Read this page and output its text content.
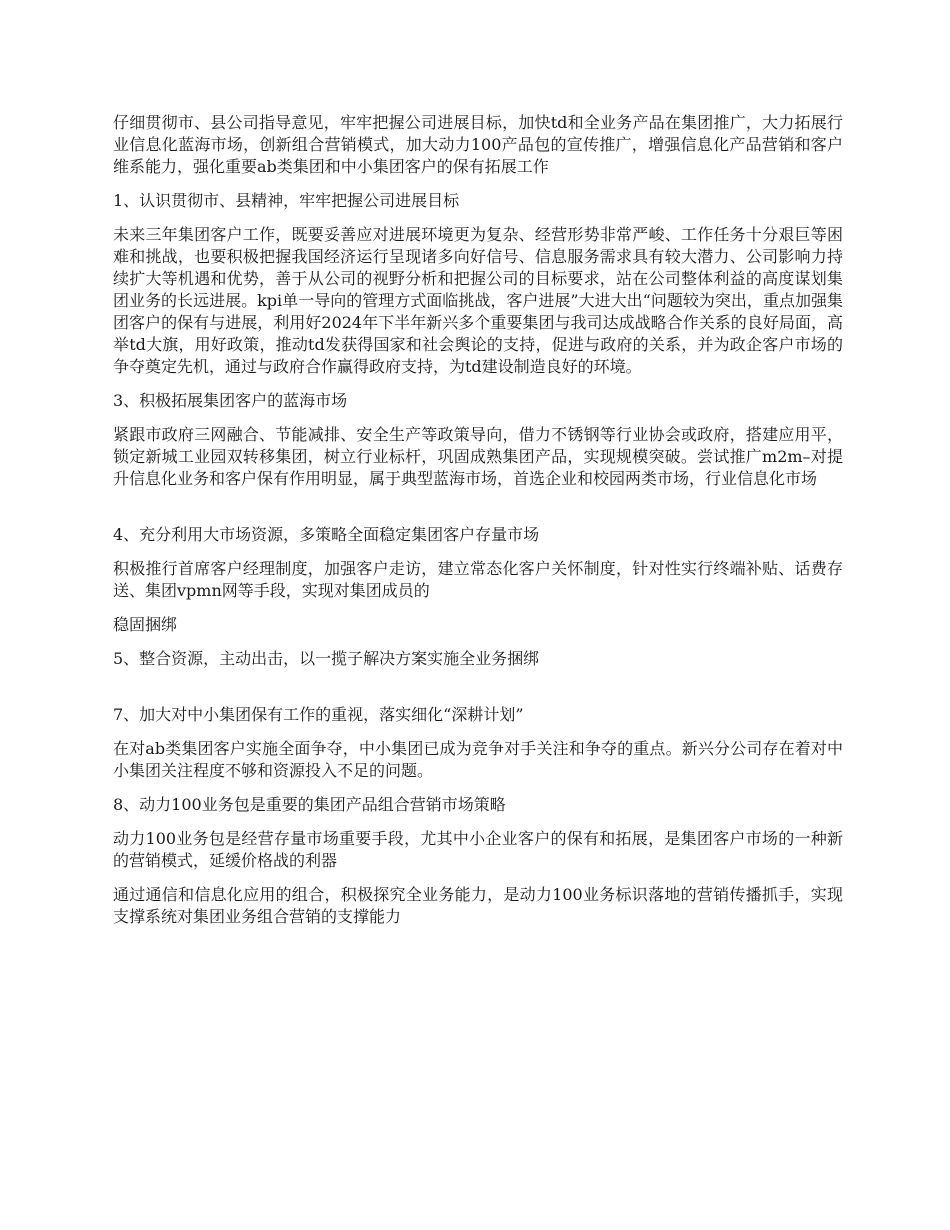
仔细贯彻市、县公司指导意见，牢牢把握公司进展目标，加快td和全业务产品在集团推广，大力拓展行业信息化蓝海市场，创新组合营销模式，加大动力100产品包的宣传推广，增强信息化产品营销和客户维系能力，强化重要ab类集团和中小集团客户的保有拓展工作

1、认识贯彻市、县精神，牢牢把握公司进展目标

未来三年集团客户工作，既要妥善应对进展环境更为复杂、经营形势非常严峻、工作任务十分艰巨等困难和挑战，也要积极把握我国经济运行呈现诸多向好信号、信息服务需求具有较大潜力、公司影响力持续扩大等机遇和优势，善于从公司的视野分析和把握公司的目标要求，站在公司整体利益的高度谋划集团业务的长远进展。kpi单一导向的管理方式面临挑战，客户进展”大进大出“问题较为突出，重点加强集团客户的保有与进展，利用好2024年下半年新兴多个重要集团与我司达成战略合作关系的良好局面，高举td大旗，用好政策，推动td发获得国家和社会舆论的支持，促进与政府的关系，并为政企客户市场的争夺奠定先机，通过与政府合作赢得政府支持，为td建设制造良好的环境。

3、积极拓展集团客户的蓝海市场

紧跟市政府三网融合、节能减排、安全生产等政策导向，借力不锈钢等行业协会或政府，搭建应用平，锁定新城工业园双转移集团，树立行业标杆，巩固成熟集团产品，实现规模突破。尝试推广m2m–对提升信息化业务和客户保有作用明显，属于典型蓝海市场，首选企业和校园两类市场，行业信息化市场

4、充分利用大市场资源，多策略全面稳定集团客户存量市场

积极推行首席客户经理制度，加强客户走访，建立常态化客户关怀制度，针对性实行终端补贴、话费存送、集团vpmn网等手段，实现对集团成员的

稳固捆绑

5、整合资源，主动出击，以一揽子解决方案实施全业务捆绑

7、加大对中小集团保有工作的重视，落实细化“深耕计划”

在对ab类集团客户实施全面争夺，中小集团已成为竞争对手关注和争夺的重点。新兴分公司存在着对中小集团关注程度不够和资源投入不足的问题。

8、动力100业务包是重要的集团产品组合营销市场策略

动力100业务包是经营存量市场重要手段，尤其中小企业客户的保有和拓展，是集团客户市场的一种新的营销模式，延缓价格战的利器

通过通信和信息化应用的组合，积极探究全业务能力，是动力100业务标识落地的营销传播抓手，实现支撑系统对集团业务组合营销的支撑能力
